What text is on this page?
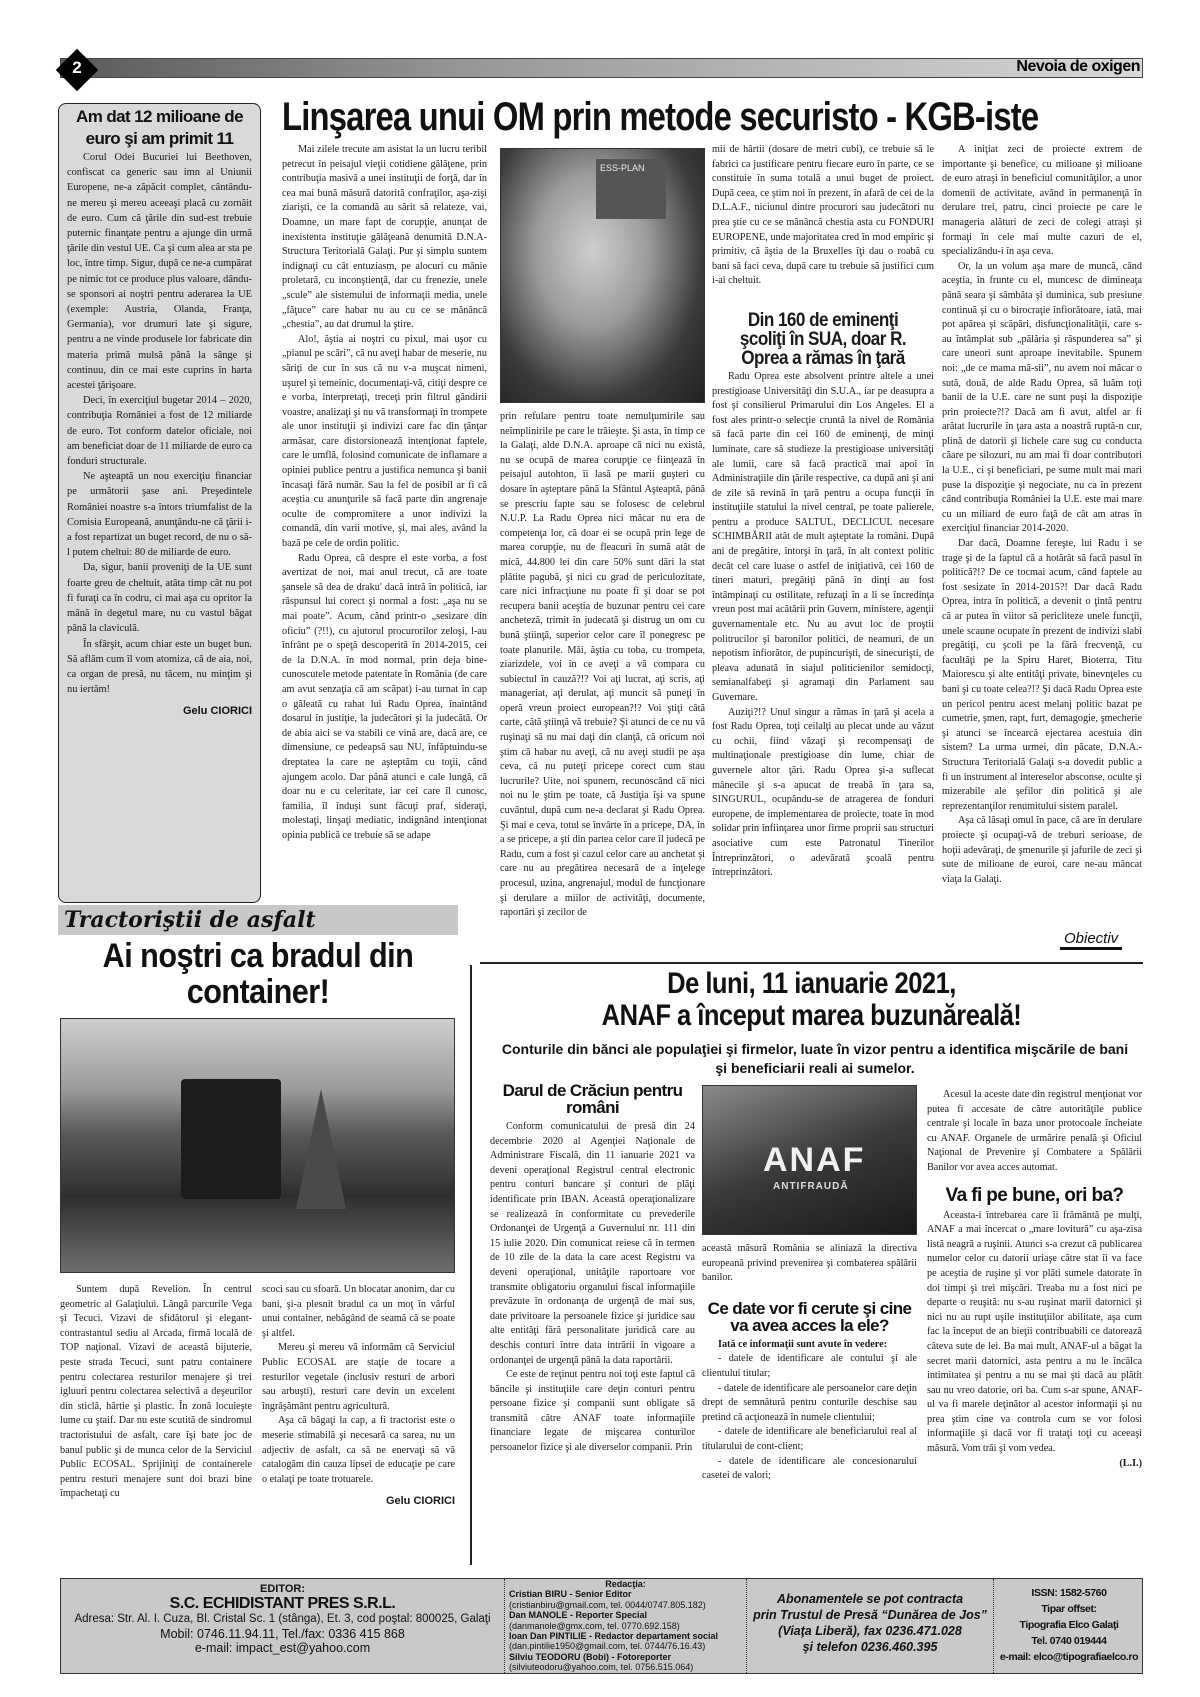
2	Nevoia de oxigen
Am dat 12 milioane de euro şi am primit 11

Corul Odei Bucuriei lui Beethoven, confiscat ca generic sau imn al Uniunii Europene, ne-a zăpăcit complet, cântându-ne mereu şi mereu aceeaşi placă cu zornăit de euro. Cum că ţările din sud-est trebuie puternic finanţate pentru a ajunge din urmă ţările din vestul UE. Ca şi cum alea ar sta pe loc, între timp. Sigur, după ce ne-a cumpărat pe nimic tot ce produce plus valoare, dându-se sponsori ai noştri pentru aderarea la UE (exemple: Austria, Olanda, Franţa, Germania), vor drumuri late şi sigure, pentru a ne vinde produsele lor fabricate din materia primă mulsă până la sânge şi continuu, din ce mai este cuprins în harta acestei ţărişoare.

Deci, în exerciţiul bugetar 2014 – 2020, contribuţia României a fost de 12 miliarde de euro. Tot conform datelor oficiale, noi am beneficiat doar de 11 miliarde de euro ca fonduri structurale.

Ne aşteaptă un nou exerciţiu financiar pe următorii şase ani. Preşedintele României noastre s-a întors triumfalist de la Comisia Europeană, anunţându-ne că ţării i-a fost repartizat un buget record, de nu o să-l putem cheltui: 80 de miliarde de euro.

Da, sigur, banii proveniţi de la UE sunt foarte greu de cheltuit, atâta timp cât nu pot fi furaţi ca în codru, ci mai aşa cu opritor la mână în degetul mare, nu cu vastul băgat până la claviculă.

În sfârşit, acum chiar este un buget bun. Să aflăm cum îl vom atomiza, că de aia, noi, ca organ de presă, nu tăcem, nu minţim şi nu iertăm!

Gelu CIORICI
Linşarea unui OM prin metode securisto - KGB-iste

Mai zilele trecute am asistat la un lucru teribil petrecut în peisajul vieţii cotidiene gălăţene, prin contribuţia masivă a unei instituţii de forţă, dar în cea mai bună măsură datorită confraţilor, aşa-zişi ziarişti, ce la comandă au sărit să relateze, vai, Doamne, un mare fapt de corupţie, anunţat de inexistenta instituţie gălăţeană denumită D.N.A-Structura Teritorială Galaţi. Pur şi simplu suntem indignaţi cu cât entuziasm, pe alocuri cu mânie proletară, cu inconştienţă, dar cu frenezie, unele „scule” ale sistemului de informaţii media, unele „făţuce” care habar nu au cu ce se mănâncă „chestia”, au dat drumul la ştire.

Alo!, ăştia ai noştri cu pixul, mai uşor cu „pianul pe scări”, că nu aveţi habar de meserie, nu săriţi de cur în sus că nu v-a muşcat nimeni, uşurel şi temeinic, documentaţi-vă, citiţi despre ce e vorba, interpretaţi, treceţi prin filtrul gândirii voastre, analizaţi şi nu vă transformaţi în trompete ale unor instituţii şi indivizi care fac din ţânţar armăsar, care distorsionează intenţionat faptele, care le umflă, folosind comunicate de inflamare a opiniei publice pentru a justifica nemunca şi banii încasaţi fără număr. Sau la fel de posibil ar fi că aceştia cu anunţurile să facă parte din angrenaje oculte de compromitere a unor indivizi la comandă, din varii motive, şi, mai ales, având la bază pe cele de ordin politic.

Radu Oprea, că despre el este vorba, a fost avertizat de noi, mai anul trecut, că are toate şansele să dea de draku' dacă intră în politică, iar răspunsul lui corect şi normal a fost: „aşa nu se mai poate”. Acum, când printr-o „sesizare din oficiu” (?!!), cu ajutorul procurorilor zeloşi, l-au înfrânt pe o speţă descoperită în 2014-2015, cei de la D.N.A. în mod normal, prin deja bine-cunoscutele metode patentate în România (de care am avut senzaţia că am scăpat) i-au turnat în cap o găleată cu rahat lui Radu Oprea, înaintând dosarul în justiţie, la judecători şi la judecătă. Or de abia aici se va stabili ce vină are, dacă are, ce dimensiune, ce pedeapsă sau NU, înfăptuindu-se dreptatea la care ne aşteptăm cu toţii, când ajungem acolo. Dar până atunci e cale lungă, că doar nu e cu celeritate, iar cei care îl cunosc, familia, îl înduşi sunt făcuţi praf, sideraţi, molestaţi, linşaţi mediatic, indignând intenţionat opinia publică ce trebuie să se adape

ESS-PLAN

prin refulare pentru toate nemulţumirile sau neîmplinirile pe care le trăieşte. Şi asta, în timp ce la Galaţi, alde D.N.A. aproape că nici nu există, nu se ocupă de marea corupţie ce fiinţează în peisajul autohton, îi lasă pe marii guşteri cu dosare în aşteptare până la Sfântul Aşteaptă, până se prescriu fapte sau se folosesc de celebrul N.U.P. La Radu Oprea nici măcar nu era de competenţa lor, că doar ei se ocupă prin lege de marea corupţie, nu de fleacuri în sumă atât de mică, 44.800 lei din care 50% sunt dări la stat plătite pagubă, şi nici cu grad de periculozitate, care nici infracţiune nu poate fi şi doar se pot recupera banii aceştia de buzunar pentru cei care ancheteză, trimit în judecată şi distrug un om cu bună ştiinţă, superior celor care îl ponegresc pe toate planurile. Măi, ăştia cu toba, cu trompeta, ziarizdele, voi în ce aveţi a vă compara cu subiectul în cauză?!? Voi aţi lucrat, aţi scris, aţi manageriat, aţi derulat, aţi muncit să puneţi în operă vreun proiect european?!? Voi ştiţi câtă carte, câtă ştiinţă vă trebuie? Şi atunci de ce nu vă ruşinaţi să nu mai daţi din clanţă, că oricum noi ştim că habar nu aveţi, că nu aveţi studii pe aşa ceva, că nu puteţi pricepe corect cum stau lucrurile? Uite, noi spunem, recunoscând că nici noi nu le ştim pe toate, că Justiţia îşi va spune cuvântul, după cum ne-a declarat şi Radu Oprea. Şi mai e ceva, totul se învârte în a pricepe, DA, în a se pricepe, a şti din partea celor care îl judecă pe Radu, cum a fost şi cazul celor care au anchetat şi care nu au pregătirea necesară de a înţelege procesul, uzina, angrenajul, modul de funcţionare şi derulare a miilor de activităţi, documente, raportări şi zecilor de

mii de hârtii (dosare de metri cubi), ce trebuie să le fabrici ca justificare pentru fiecare euro în parte, ce se constituie în suma totală a unui buget de proiect. După ceea, ce ştim noi în prezent, în afară de cei de la D.L.A.F., niciunul dintre procurori sau judecători nu prea ştie cu ce se mănâncă chestia asta cu FONDURI EUROPENE, unde majoritatea cred în mod empiric şi primitiv, că ăştia de la Bruxelles îţi dau o roabă cu bani să faci ceva, după care tu trebuie să justifici cum i-ai cheltuit.

Din 160 de eminenţi şcoliţi în SUA, doar R. Oprea a rămas în ţară

Radu Oprea este absolvent printre altele a unei prestigioase Universităţi din S.U.A., iar pe deasupra a fost şi consilierul Primarului din Los Angeles. El a fost ales printr-o selecţie cruntă la nivel de România să facă parte din cei 160 de eminenţi, de minţi luminate, care să studieze la prestigioase universităţi ale lumii, care să facă practică mai apoi în Administraţiile din ţările respective, ca după ani şi ani de zile să revină în ţară pentru a ocupa funcţii în instituţiile statului la nivel central, pe toate palierele, pentru a produce SALTUL, DECLICUL necesare SCHIMBĂRII atât de mult aşteptate la români. După ani de pregătire, întorşi în ţară, în alt context politic decât cel care luase o astfel de iniţiativă, cei 160 de tineri maturi, pregătiţi până în dinţi au fost întâmpinaţi cu ostilitate, refuzaţi în a li se încredinţa vreun post mai acătării prin Guvern, ministere, agenţii guvernamentale etc. Nu au avut loc de proştii politrucilor şi baronilor politici, de neamuri, de un nepotism înfiorător, de pupincurişti, de sinecurişti, de pleava adunată în siajul politicienilor semidocţi, semianalfabeţi şi agramaţi din Parlament sau Guvernare.

Auziţi?!? Unul singur a rămas în ţară şi acela a fost Radu Oprea, toţi ceilalţi au plecat unde au văzut cu ochii, fiind văzaţi şi recompensaţi de multinaţionale prestigioase din lume, chiar de guvernele altor ţări. Radu Oprea şi-a suflecat mânecile şi s-a apucat de treabă în ţara sa, SINGURUL, ocupându-se de atragerea de fonduri europene, de implementarea de proiecte, toate în mod solidar prin înfiinţarea unor firme proprii sau structuri asociative cum este Patronatul Tinerilor Întreprinzători, o adevărată şcoală pentru întreprinzători.

A iniţiat zeci de proiecte extrem de importante şi benefice, cu milioane şi milioane de euro atraşi în beneficiul comunităţilor, a unor domenii de activitate, având în permanenţă în derulare trei, patru, cinci proiecte pe care le manageria alături de zeci de colegi atraşi şi formaţi în cele mai multe cazuri de el, specializându-i în aşa ceva.

Or, la un volum aşa mare de muncă, când aceştia, în frunte cu el, muncesc de dimineaţa până seara şi sâmbăta şi duminica, sub presiune continuă şi cu o birocraţie înfiorătoare, iată, mai pot apărea şi scăpări, disfuncţionalităţii, care s-au întâmplat sub „pălăria şi răspunderea sa” şi care uneori sunt aproape inevitabile. Spunem noi: „de ce mama mă-sii”, nu avem noi măcar o sută, două, de alde Radu Oprea, să luăm toţi banii de la U.E. care ne sunt puşi la dispoziţie prin proiecte?!? Dacă am fi avut, altfel ar fi arătat lucrurile în ţara asta a noastră ruptă-n cur, plină de datorii şi lichele care sug cu conducta căare pe silozuri, nu am mai fi doar contributori la U.E., ci şi beneficiari, pe sume mult mai mari puse la dispoziţie şi negociate, nu ca în prezent când contribuţia României la U.E. este mai mare cu un miliard de euro faţă de cât am atras în exerciţiul financiar 2014-2020.

Dar dacă, Doamne fereşte, lui Radu i se trage şi de la faptul că a hotărât să facă pasul în politică?!? De ce tocmai acum, când faptele au fost sesizate în 2014-2015?! Dar dacă Radu Oprea, intra în politică, a devenit o ţintă pentru că ar putea în viitor să pericliteze unele funcţii, unele scaune ocupate în prezent de indivizi slabi pregătiţi, cu şcoli pe la fără frecvenţă, cu facultăţi pe la Spiru Haret, Bioterra, Titu Maiorescu şi alte entităţi private, binevnţeles cu bani şi cu toate celea?!? Şi dacă Radu Oprea este un pericol pentru acest melanj politic bazat pe cumetrie, şmen, rapt, furt, demagogie, şmecherie şi atunci se încearcă ejectarea acestuia din sistem? La urma urmei, din păcate, D.N.A.-Structura Teritorială Galaţi s-a dovedit public a fi un instrument al intereselor absconse, oculte şi mizerabile ale şefilor din politică şi ale reprezentanţilor renumitului sistem paralel.

Aşa că lăsaţi omul în pace, că are în derulare proiecte şi ocupaţi-vă de treburi serioase, de hoţii adevăraţi, de şmenurile şi jafurile de zeci şi sute de milioane de euroi, care ne-au mâncat viaţa la Galaţi.

Obiectiv
Tractoriştii de asfalt
Ai noştri ca bradul din container!

Suntem după Revelion. În centrul geometric al Galaţiului. Lângă parcurile Vega şi Tecuci. Vizavi de sfidătorul şi elegant-contrastantul sediu al Arcada, firmă locală de TOP naţional. Vizavi de această bijuterie, peste strada Tecuci, sunt patru containere pentru colectarea resturilor menajere şi trei igluuri pentru colectarea selectivă a deşeurilor din sticlă, hârtie şi plastic. În zonă locuieşte lume cu ştaif. Dar nu este scutită de sindromul tractoristului de asfalt, care îşi bate joc de banul public şi de munca celor de la Serviciul Public ECOSAL. Sprijiniţi de containerele pentru resturi menajere sunt doi brazi bine împachetaţi cu

scoci sau cu sfoară. Un blocatar anonim, dar cu bani, şi-a plesnit bradul ca un moţ în vârful unui container, nebăgând de seamă că se poate şi altfel.

Mereu şi mereu vă informăm că Serviciul Public ECOSAL are staţie de tocare a resturilor vegetale (inclusiv resturi de arbori sau arbuşti), resturi care devin un excelent îngrăşământ pentru agricultură.

Aşa că băgaţi la cap, a fi tractorist este o meserie stimabilă şi necesară ca sarea, nu un adjectiv de asfalt, ca să ne enervaţi să vă catalogăm din cauza lipsei de educaţie pe care o etalaţi pe toate trotuarele.

Gelu CIORICI
De luni, 11 ianuarie 2021,
ANAF a început marea buzunăreală!
Conturile din bănci ale populaţiei şi firmelor, luate în vizor pentru a identifica mişcările de bani şi beneficiarii reali ai sumelor.
Darul de Crăciun pentru români

Conform comunicatului de presă din 24 decembrie 2020 al Agenţiei Naţionale de Administrare Fiscală, din 11 ianuarie 2021 va deveni operaţional Registrul central electronic pentru conturi bancare şi conturi de plăţi identificate prin IBAN. Această operaţionalizare se realizează în conformitate cu prevederile Ordonanţei de Urgenţă a Guvernului nr. 111 din 15 iulie 2020. Din comunicat reiese că în termen de 10 zile de la data la care acest Registru va deveni operaţional, unităţile raportoare vor transmite obligatoriu organului fiscal informaţiile prevăzute în ordonanţa de urgenţă de mai sus, date privitoare la persoanele fizice şi juridice sau alte entităţi fără personalitate juridică care au deschis conturi între data intrării în vigoare a ordonanţei de urgenţă până la data raportării.

Ce este de reţinut pentru noi toţi este faptul că băncile şi instituţiile care deţin conturi pentru persoane fizice şi companii sunt obligate să transmită către ANAF toate informaţiile financiare legate de mişcarea conturilor persoanelor fizice şi ale diverselor companii. Prin

ANAF
ANTIFRAUDĂ

această măsură România se aliniază la directiva europeană privind prevenirea şi combaterea spălării banilor.

Ce date vor fi cerute şi cine va avea acces la ele?

Iată ce informaţii sunt avute în vedere:

- datele de identificare ale contului şi ale clientului titular;

- datele de identificare ale persoanelor care deţin drept de semnătură pentru conturile deschise sau pretind că acţionează în numele clientului;

- datele de identificare ale beneficiarului real al titularului de cont-client;

- datele de identificare ale concesionarului casetei de valori;

Acesul la aceste date din registrul menţionat vor putea fi accesate de către autorităţile publice centrale şi locale în baza unor protocoale încheiate cu ANAF. Organele de urmărire penală şi Oficiul Naţional de Prevenire şi Combatere a Spălării Banilor vor avea acces automat.

Va fi pe bune, ori ba?

Aceasta-i întrebarea care îi frământă pe mulţi, ANAF a mai încercat o „mare lovitură” cu aşa-zisa listă neagră a ruşinii. Atunci s-a crezut că publicarea numelor celor cu datorii uriaşe către stat îi va face pe aceştia de ruşine şi vor plăti sumele datorate în doi timpi şi trei mişcări. Treaba nu a fost nici pe departe o reuşită: nu s-au ruşinat marii datornici şi nici nu au rupt uşile instituţiilor abilitate, aşa cum fac la început de an bieţii contribuabili ce datorează câteva sute de lei. Ba mai mult, ANAF-ul a băgat la secret marii datornici, asta pentru a nu le încălca intimitatea şi pentru a nu se mai şti dacă au plătit sau nu vreo datorie, ori ba. Cum s-ar spune, ANAF-ul va fi marele deţinător al acestor informaţii şi nu prea ştim cine va controla cum se vor folosi informaţiile şi dacă vor fi trataţi toţi cu aceeaşi măsură. Vom trăi şi vom vedea.

(L.I.)

EDITOR:
S.C. ECHIDISTANT PRES S.R.L.
Adresa: Str. Al. I. Cuza, Bl. Cristal Sc. 1 (stânga), Et. 3, cod poştal: 800025, Galaţi
Mobil: 0746.11.94.11, Tel./fax: 0336 415 868
e-mail: impact_est@yahoo.com
Redacţia:
Cristian BIRU - Senior Editor
(cristianbiru@gmail.com, tel. 0044/0747.805.182)
Dan MANOLE - Reporter Special
(danmanole@gmx.com, tel. 0770.692.158)
Ioan Dan PINTILIE - Redactor departament social
(dan.pintilie1950@gmail.com, tel. 0744/76.16.43)
Silviu TEODORU (Bobi) - Fotoreporter
(silviuteodoru@yahoo.com, tel. 0756.515.064)
Abonamentele se pot contracta
prin Trustul de Presă “Dunărea de Jos”
(Viaţa Liberă), fax 0236.471.028
şi telefon 0236.460.395
ISSN: 1582-5760
Tipar offset:
Tipografia Elco Galaţi
Tel. 0740 019444
e-mail: elco@tipografiaelco.ro
